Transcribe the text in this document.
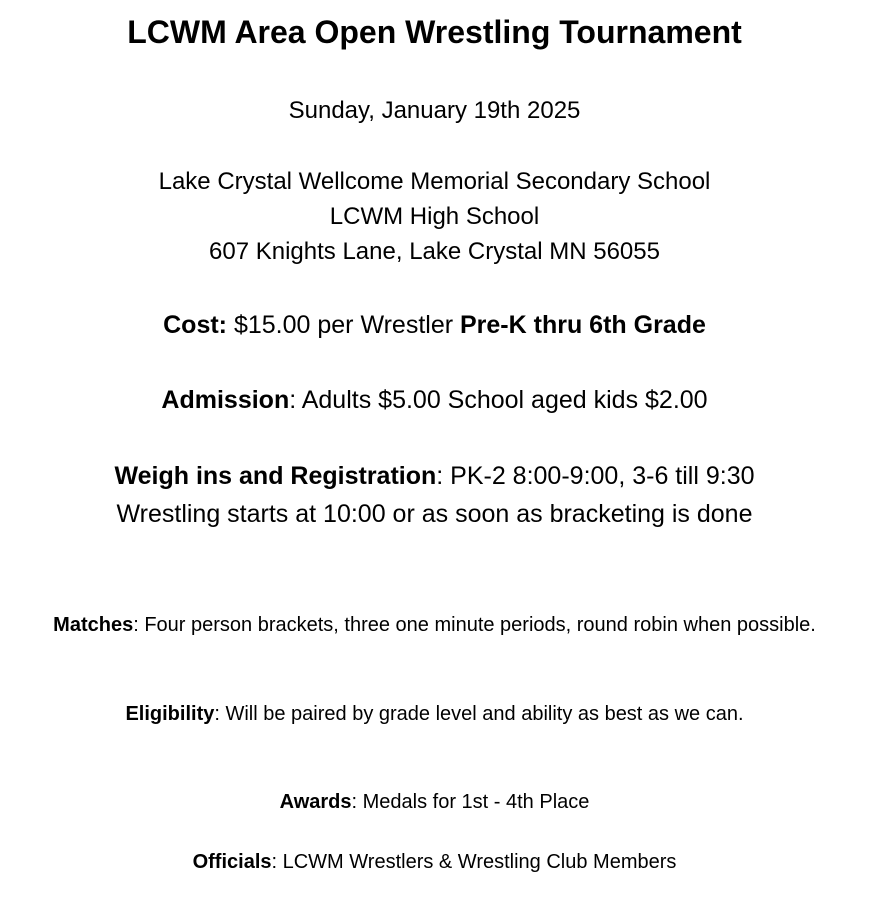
LCWM Area Open Wrestling Tournament
Sunday, January 19th 2025
Lake Crystal Wellcome Memorial Secondary School
LCWM High School
607 Knights Lane, Lake Crystal MN 56055
Cost: $15.00 per Wrestler Pre-K thru 6th Grade
Admission: Adults $5.00 School aged kids $2.00
Weigh ins and Registration: PK-2 8:00-9:00, 3-6 till 9:30
Wrestling starts at 10:00 or as soon as bracketing is done
Matches: Four person brackets, three one minute periods, round robin when possible.
Eligibility: Will be paired by grade level and ability as best as we can.
Awards: Medals for 1st - 4th Place
Officials: LCWM Wrestlers & Wrestling Club Members
